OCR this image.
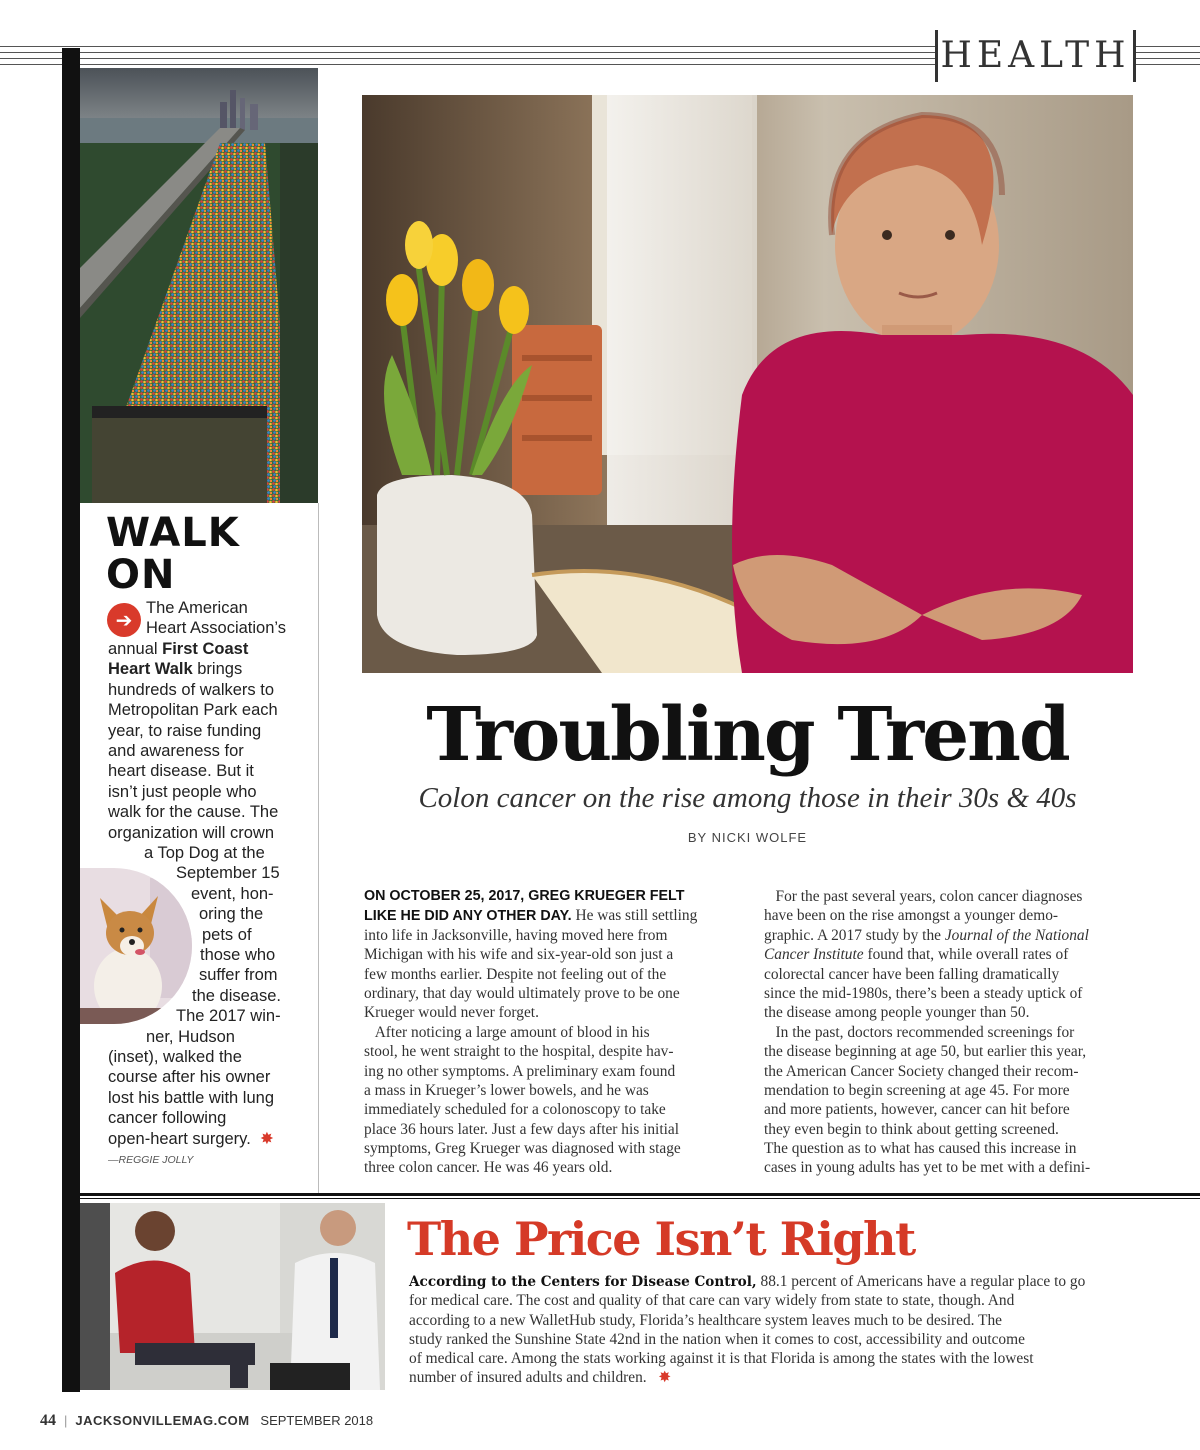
HEALTH
WALK
ON
➔ The American
Heart Association’s
annual First Coast
Heart Walk brings
hundreds of walkers to
Metropolitan Park each
year, to raise funding
and awareness for
heart disease. But it
isn’t just people who
walk for the cause. The
organization will crown
a Top Dog at the
September 15
event, hon-
oring the
pets of
those who
suffer from
the disease.
The 2017 win-
ner, Hudson
(inset), walked the
course after his owner
lost his battle with lung
cancer following
open-heart surgery. ✸
—REGGIE JOLLY
Troubling Trend
Colon cancer on the rise among those in their 30s & 40s
BY NICKI WOLFE
ON OCTOBER 25, 2017, GREG KRUEGER FELT
LIKE HE DID ANY OTHER DAY. He was still settling
into life in Jacksonville, having moved here from
Michigan with his wife and six-year-old son just a
few months earlier. Despite not feeling out of the
ordinary, that day would ultimately prove to be one
Krueger would never forget.
After noticing a large amount of blood in his
stool, he went straight to the hospital, despite hav-
ing no other symptoms. A preliminary exam found
a mass in Krueger’s lower bowels, and he was
immediately scheduled for a colonoscopy to take
place 36 hours later. Just a few days after his initial
symptoms, Greg Krueger was diagnosed with stage
three colon cancer. He was 46 years old.
For the past several years, colon cancer diagnoses
have been on the rise amongst a younger demo-
graphic. A 2017 study by the Journal of the National
Cancer Institute found that, while overall rates of
colorectal cancer have been falling dramatically
since the mid-1980s, there’s been a steady uptick of
the disease among people younger than 50.
In the past, doctors recommended screenings for
the disease beginning at age 50, but earlier this year,
the American Cancer Society changed their recom-
mendation to begin screening at age 45. For more
and more patients, however, cancer can hit before
they even begin to think about getting screened.
The question as to what has caused this increase in
cases in young adults has yet to be met with a defini-
The Price Isn’t Right
According to the Centers for Disease Control, 88.1 percent of Americans have a regular place to go
for medical care. The cost and quality of that care can vary widely from state to state, though. And
according to a new WalletHub study, Florida’s healthcare system leaves much to be desired. The
study ranked the Sunshine State 42nd in the nation when it comes to cost, accessibility and outcome
of medical care. Among the stats working against it is that Florida is among the states with the lowest
number of insured adults and children. ✸
44 | JACKSONVILLEMAG.COM SEPTEMBER 2018
